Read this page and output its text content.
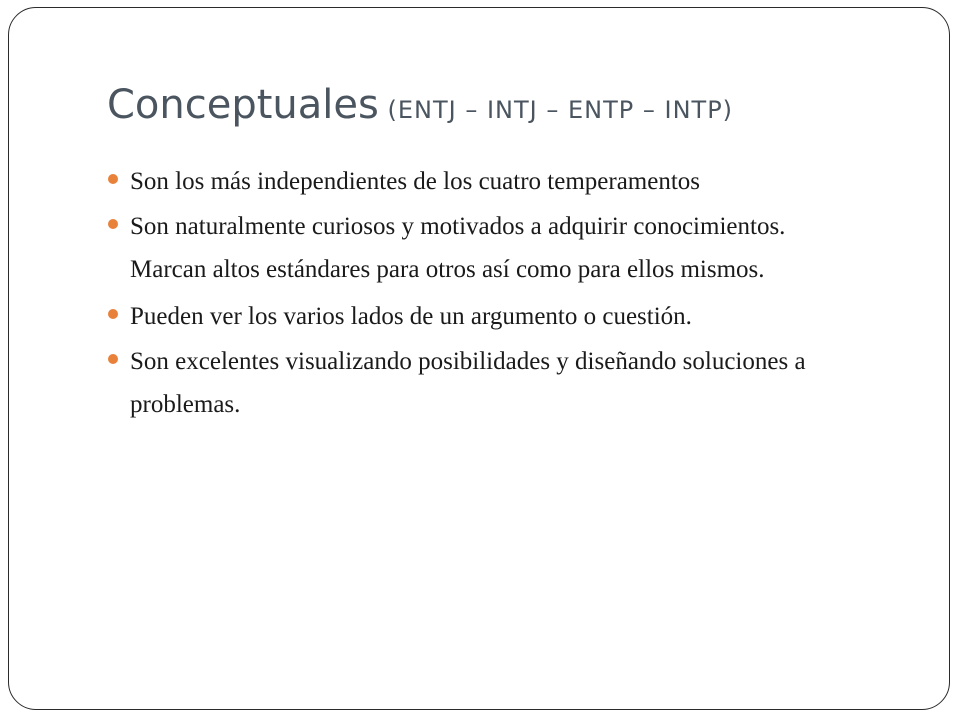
Conceptuales (ENTJ – INTJ – ENTP – INTP)
Son los más independientes de los cuatro temperamentos
Son naturalmente curiosos y motivados a adquirir conocimientos. Marcan altos estándares para otros así como para ellos mismos.
Pueden ver los varios lados de un argumento o cuestión.
Son excelentes visualizando posibilidades y diseñando soluciones a problemas.
